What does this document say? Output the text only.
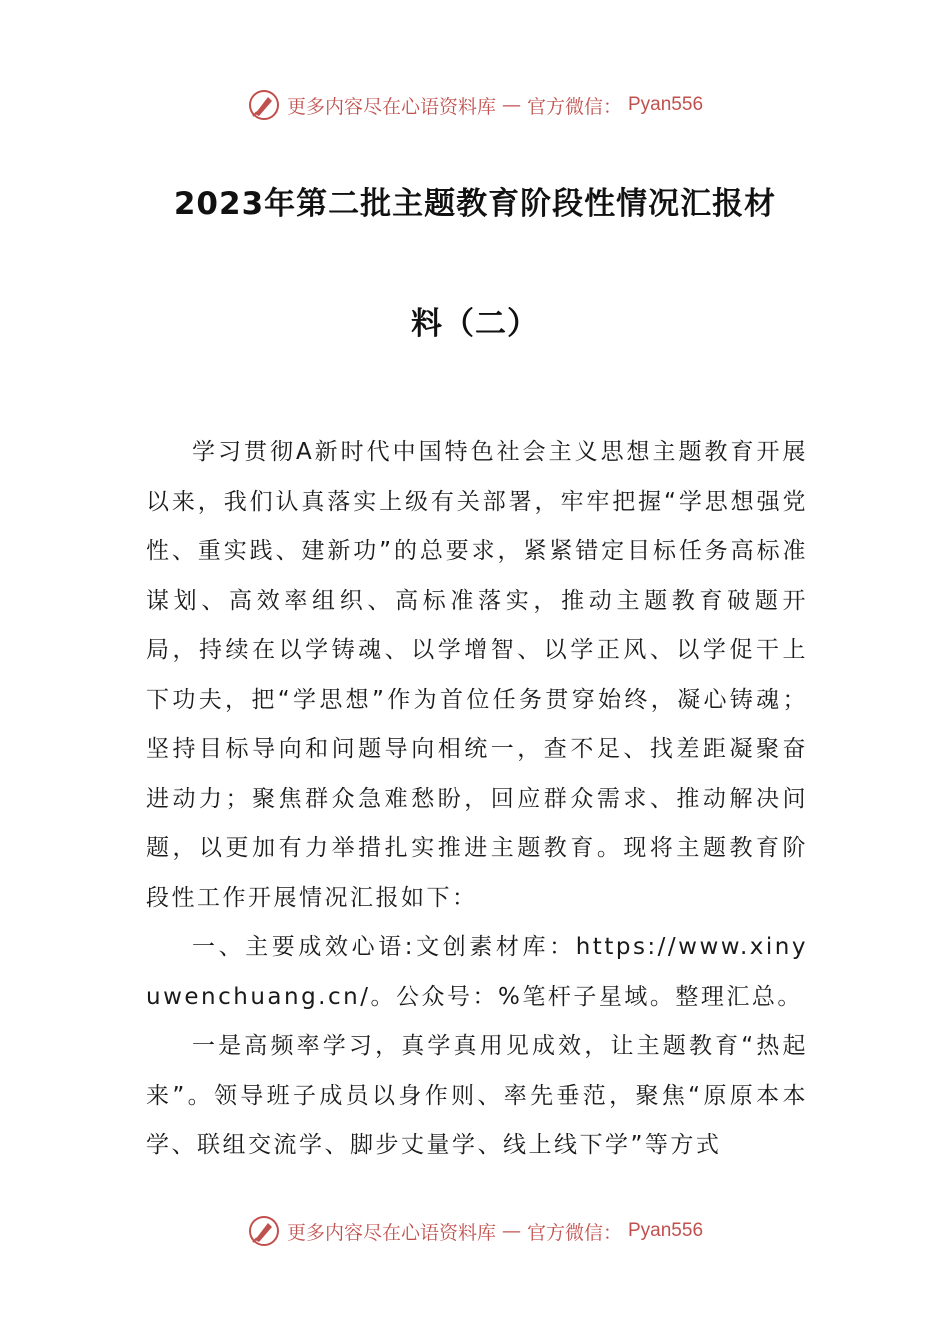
更多内容尽在心语资料库 — 官方微信： Pyan556
2023年第二批主题教育阶段性情况汇报材
料（二）

学习贯彻A新时代中国特色社会主义思想主题教育开展以来，我们认真落实上级有关部署，牢牢把握“学思想强党性、重实践、建新功”的总要求，紧紧错定目标任务高标准谋划、高效率组织、高标准落实，推动主题教育破题开局，持续在以学铸魂、以学增智、以学正风、以学促干上下功夫，把“学思想”作为首位任务贯穿始终，凝心铸魂；坚持目标导向和问题导向相统一，查不足、找差距凝聚奋进动力；聚焦群众急难愁盼，回应群众需求、推动解决问题，以更加有力举措扎实推进主题教育。现将主题教育阶段性工作开展情况汇报如下：

一、主要成效心语:文创素材库：https://www.xinyuwenchuang.cn/。公众号：%笔杆子星域。整理汇总。

一是高频率学习，真学真用见成效，让主题教育“热起来”。领导班子成员以身作则、率先垂范，聚焦“原原本本学、联组交流学、脚步丈量学、线上线下学”等方式

更多内容尽在心语资料库 — 官方微信： Pyan556
